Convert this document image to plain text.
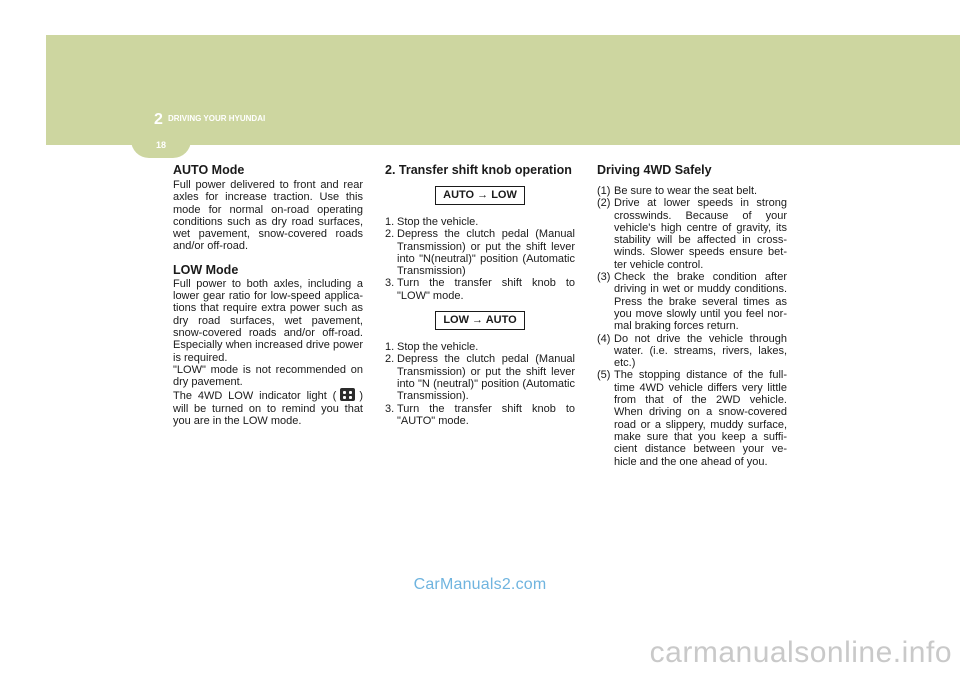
2 DRIVING YOUR HYUNDAI
18
AUTO Mode

Full power delivered to front and rear axles for increase traction. Use this mode for normal on-road operating conditions such as dry road surfaces, wet pavement, snow-covered roads and/or off-road.

LOW Mode

Full power to both axles, including a lower gear ratio for low-speed applica-tions that require extra power such as dry road surfaces, wet pavement, snow-covered roads and/or off-road. Especially when increased drive power is required.

"LOW" mode is not recommended on dry pavement.

The 4WD LOW indicator light ( ) will be turned on to remind you that you are in the LOW mode.

2. Transfer shift knob operation
AUTO → LOW
1. Stop the vehicle.
2. Depress the clutch pedal (Manual Transmission) or put the shift lever into "N(neutral)" position (Automatic Transmission)
3. Turn the transfer shift knob to "LOW" mode.
LOW → AUTO
1. Stop the vehicle.
2. Depress the clutch pedal (Manual Transmission) or put the shift lever into "N (neutral)" position (Automatic Transmission).
3. Turn the transfer shift knob to "AUTO" mode.
Driving 4WD Safely
(1) Be sure to wear the seat belt.
(2) Drive at lower speeds in strong crosswinds. Because of your vehicle's high centre of gravity, its stability will be affected in cross-winds. Slower speeds ensure bet-ter vehicle control.
(3) Check the brake condition after driving in wet or muddy conditions. Press the brake several times as you move slowly until you feel nor-mal braking forces return.
(4) Do not drive the vehicle through water. (i.e. streams, rivers, lakes, etc.)
(5) The stopping distance of the full-time 4WD vehicle differs very little from that of the 2WD vehicle. When driving on a snow-covered road or a slippery, muddy surface, make sure that you keep a suffi-cient distance between your ve-hicle and the one ahead of you.
CarManuals2.com
carmanualsonline.info
